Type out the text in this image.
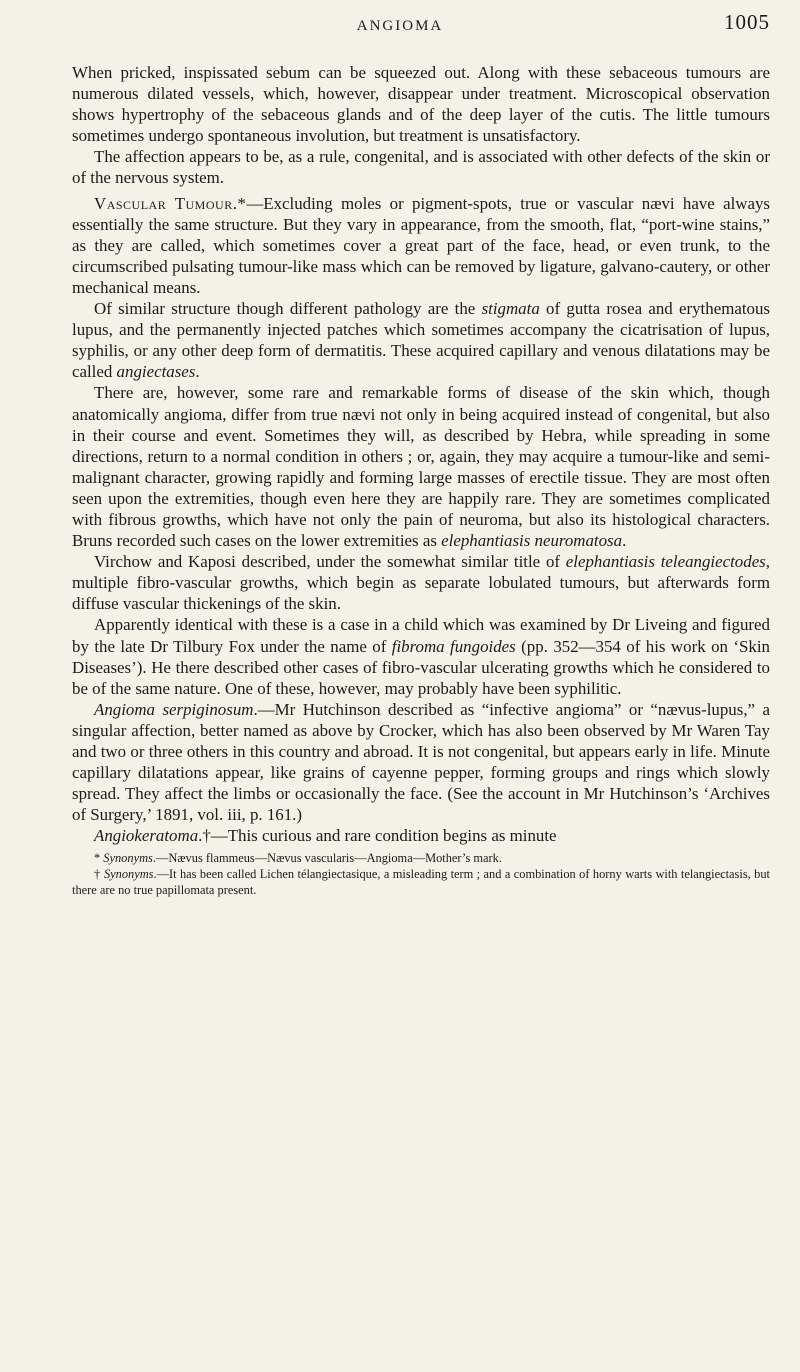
ANGIOMA	1005

When pricked, inspissated sebum can be squeezed out. Along with these sebaceous tumours are numerous dilated vessels, which, however, disappear under treatment. Microscopical observation shows hypertrophy of the sebaceous glands and of the deep layer of the cutis. The little tumours sometimes undergo spontaneous involution, but treatment is unsatisfactory.

The affection appears to be, as a rule, congenital, and is associated with other defects of the skin or of the nervous system.

Vascular Tumour.*—Excluding moles or pigment-spots, true or vascular nævi have always essentially the same structure. But they vary in appearance, from the smooth, flat, “port-wine stains,” as they are called, which sometimes cover a great part of the face, head, or even trunk, to the circumscribed pulsating tumour-like mass which can be removed by ligature, galvano-cautery, or other mechanical means.

Of similar structure though different pathology are the stigmata of gutta rosea and erythematous lupus, and the permanently injected patches which sometimes accompany the cicatrisation of lupus, syphilis, or any other deep form of dermatitis. These acquired capillary and venous dilatations may be called angiectases.

There are, however, some rare and remarkable forms of disease of the skin which, though anatomically angioma, differ from true nævi not only in being acquired instead of congenital, but also in their course and event. Sometimes they will, as described by Hebra, while spreading in some directions, return to a normal condition in others ; or, again, they may acquire a tumour-like and semi-malignant character, growing rapidly and forming large masses of erectile tissue. They are most often seen upon the extremities, though even here they are happily rare. They are sometimes complicated with fibrous growths, which have not only the pain of neuroma, but also its histological characters. Bruns recorded such cases on the lower extremities as elephantiasis neuromatosa.

Virchow and Kaposi described, under the somewhat similar title of elephantiasis teleangiectodes, multiple fibro-vascular growths, which begin as separate lobulated tumours, but afterwards form diffuse vascular thickenings of the skin.

Apparently identical with these is a case in a child which was examined by Dr Liveing and figured by the late Dr Tilbury Fox under the name of fibroma fungoides (pp. 352—354 of his work on ‘Skin Diseases’). He there described other cases of fibro-vascular ulcerating growths which he considered to be of the same nature. One of these, however, may probably have been syphilitic.

Angioma serpiginosum.—Mr Hutchinson described as “infective angioma” or “nævus-lupus,” a singular affection, better named as above by Crocker, which has also been observed by Mr Waren Tay and two or three others in this country and abroad. It is not congenital, but appears early in life. Minute capillary dilatations appear, like grains of cayenne pepper, forming groups and rings which slowly spread. They affect the limbs or occasionally the face. (See the account in Mr Hutchinson’s ‘Archives of Surgery,’ 1891, vol. iii, p. 161.)

Angiokeratoma.†—This curious and rare condition begins as minute

* Synonyms.—Nævus flammeus—Nævus vascularis—Angioma—Mother’s mark.

† Synonyms.—It has been called Lichen télangiectasique, a misleading term ; and a combination of horny warts with telangiectasis, but there are no true papillomata present.
